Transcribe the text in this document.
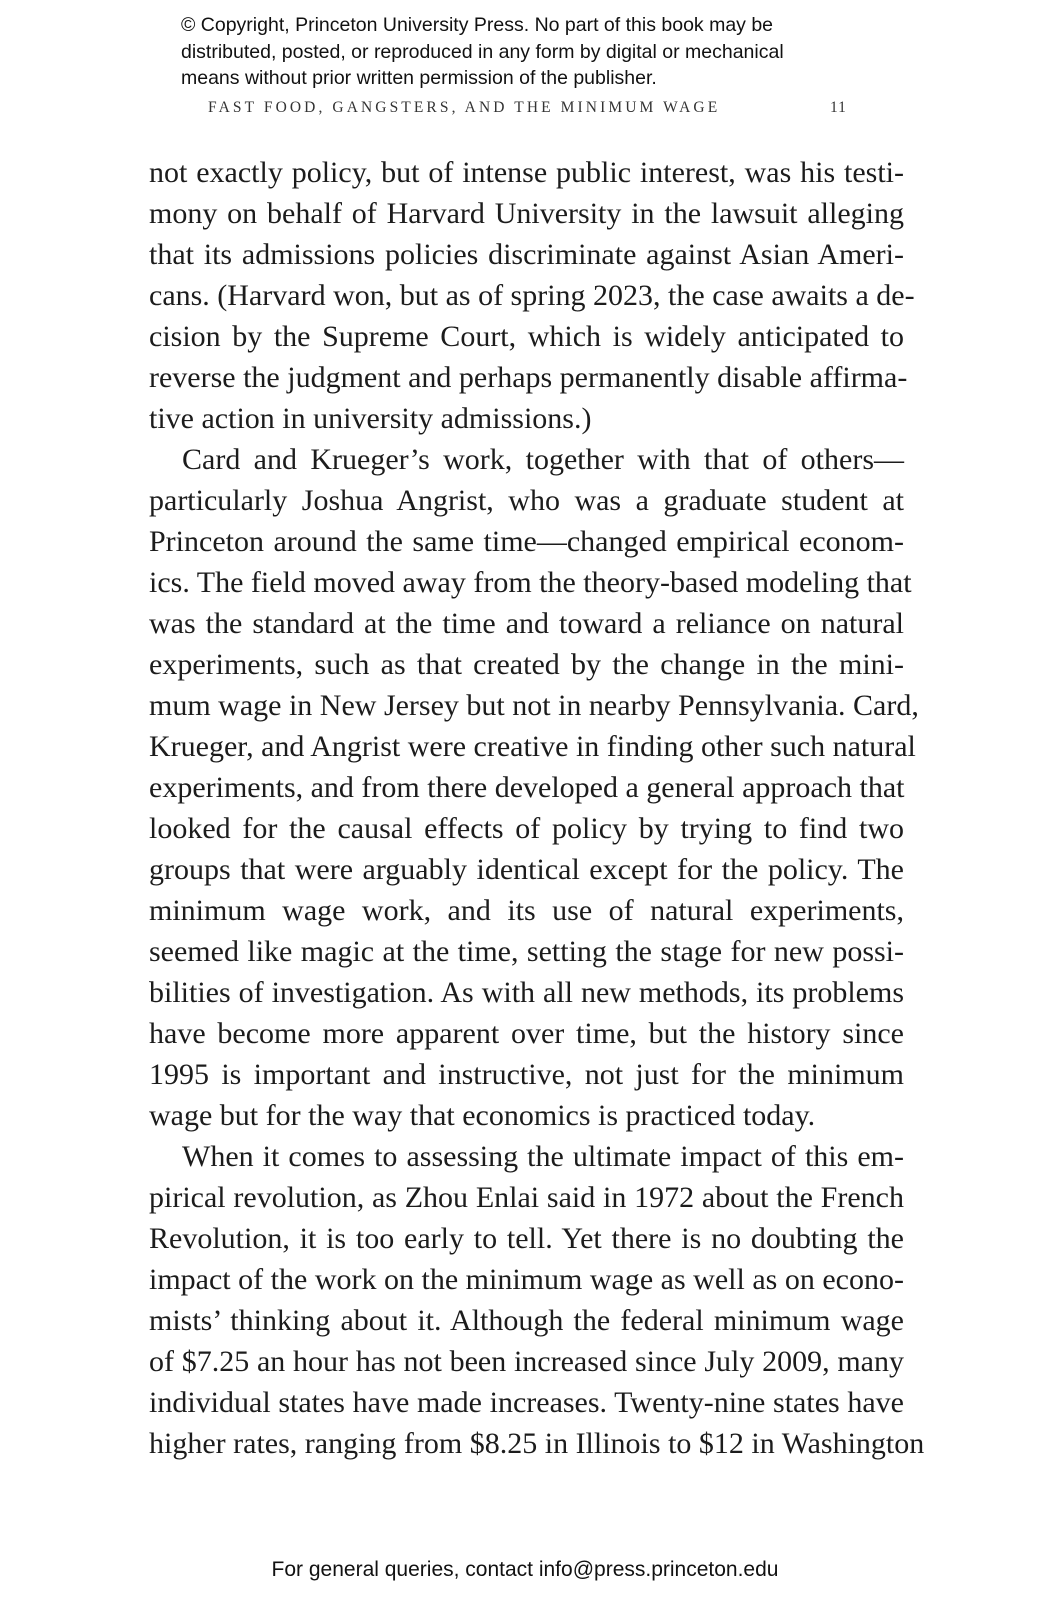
© Copyright, Princeton University Press. No part of this book may be
distributed, posted, or reproduced in any form by digital or mechanical
means without prior written permission of the publisher.
FAST FOOD, GANGSTERS, AND THE MINIMUM WAGE	11
not exactly policy, but of intense public interest, was his testi-
mony on behalf of Harvard University in the lawsuit alleging
that its admissions policies discriminate against Asian Ameri-
cans. (Harvard won, but as of spring 2023, the case awaits a de-
cision by the Supreme Court, which is widely anticipated to
reverse the judgment and perhaps permanently disable affirma-
tive action in university admissions.)
Card and Krueger’s work, together with that of others—
particularly Joshua Angrist, who was a graduate student at
Princeton around the same time—changed empirical econom-
ics. The field moved away from the theory-based modeling that
was the standard at the time and toward a reliance on natural
experiments, such as that created by the change in the mini-
mum wage in New Jersey but not in nearby Pennsylvania. Card,
Krueger, and Angrist were creative in finding other such natural
experiments, and from there developed a general approach that
looked for the causal effects of policy by trying to find two
groups that were arguably identical except for the policy. The
minimum wage work, and its use of natural experiments,
seemed like magic at the time, setting the stage for new possi-
bilities of investigation. As with all new methods, its problems
have become more apparent over time, but the history since
1995 is important and instructive, not just for the minimum
wage but for the way that economics is practiced today.
When it comes to assessing the ultimate impact of this em-
pirical revolution, as Zhou Enlai said in 1972 about the French
Revolution, it is too early to tell. Yet there is no doubting the
impact of the work on the minimum wage as well as on econo-
mists’ thinking about it. Although the federal minimum wage
of $7.25 an hour has not been increased since July 2009, many
individual states have made increases. Twenty-nine states have
higher rates, ranging from $8.25 in Illinois to $12 in Washington
For general queries, contact info@press.princeton.edu
